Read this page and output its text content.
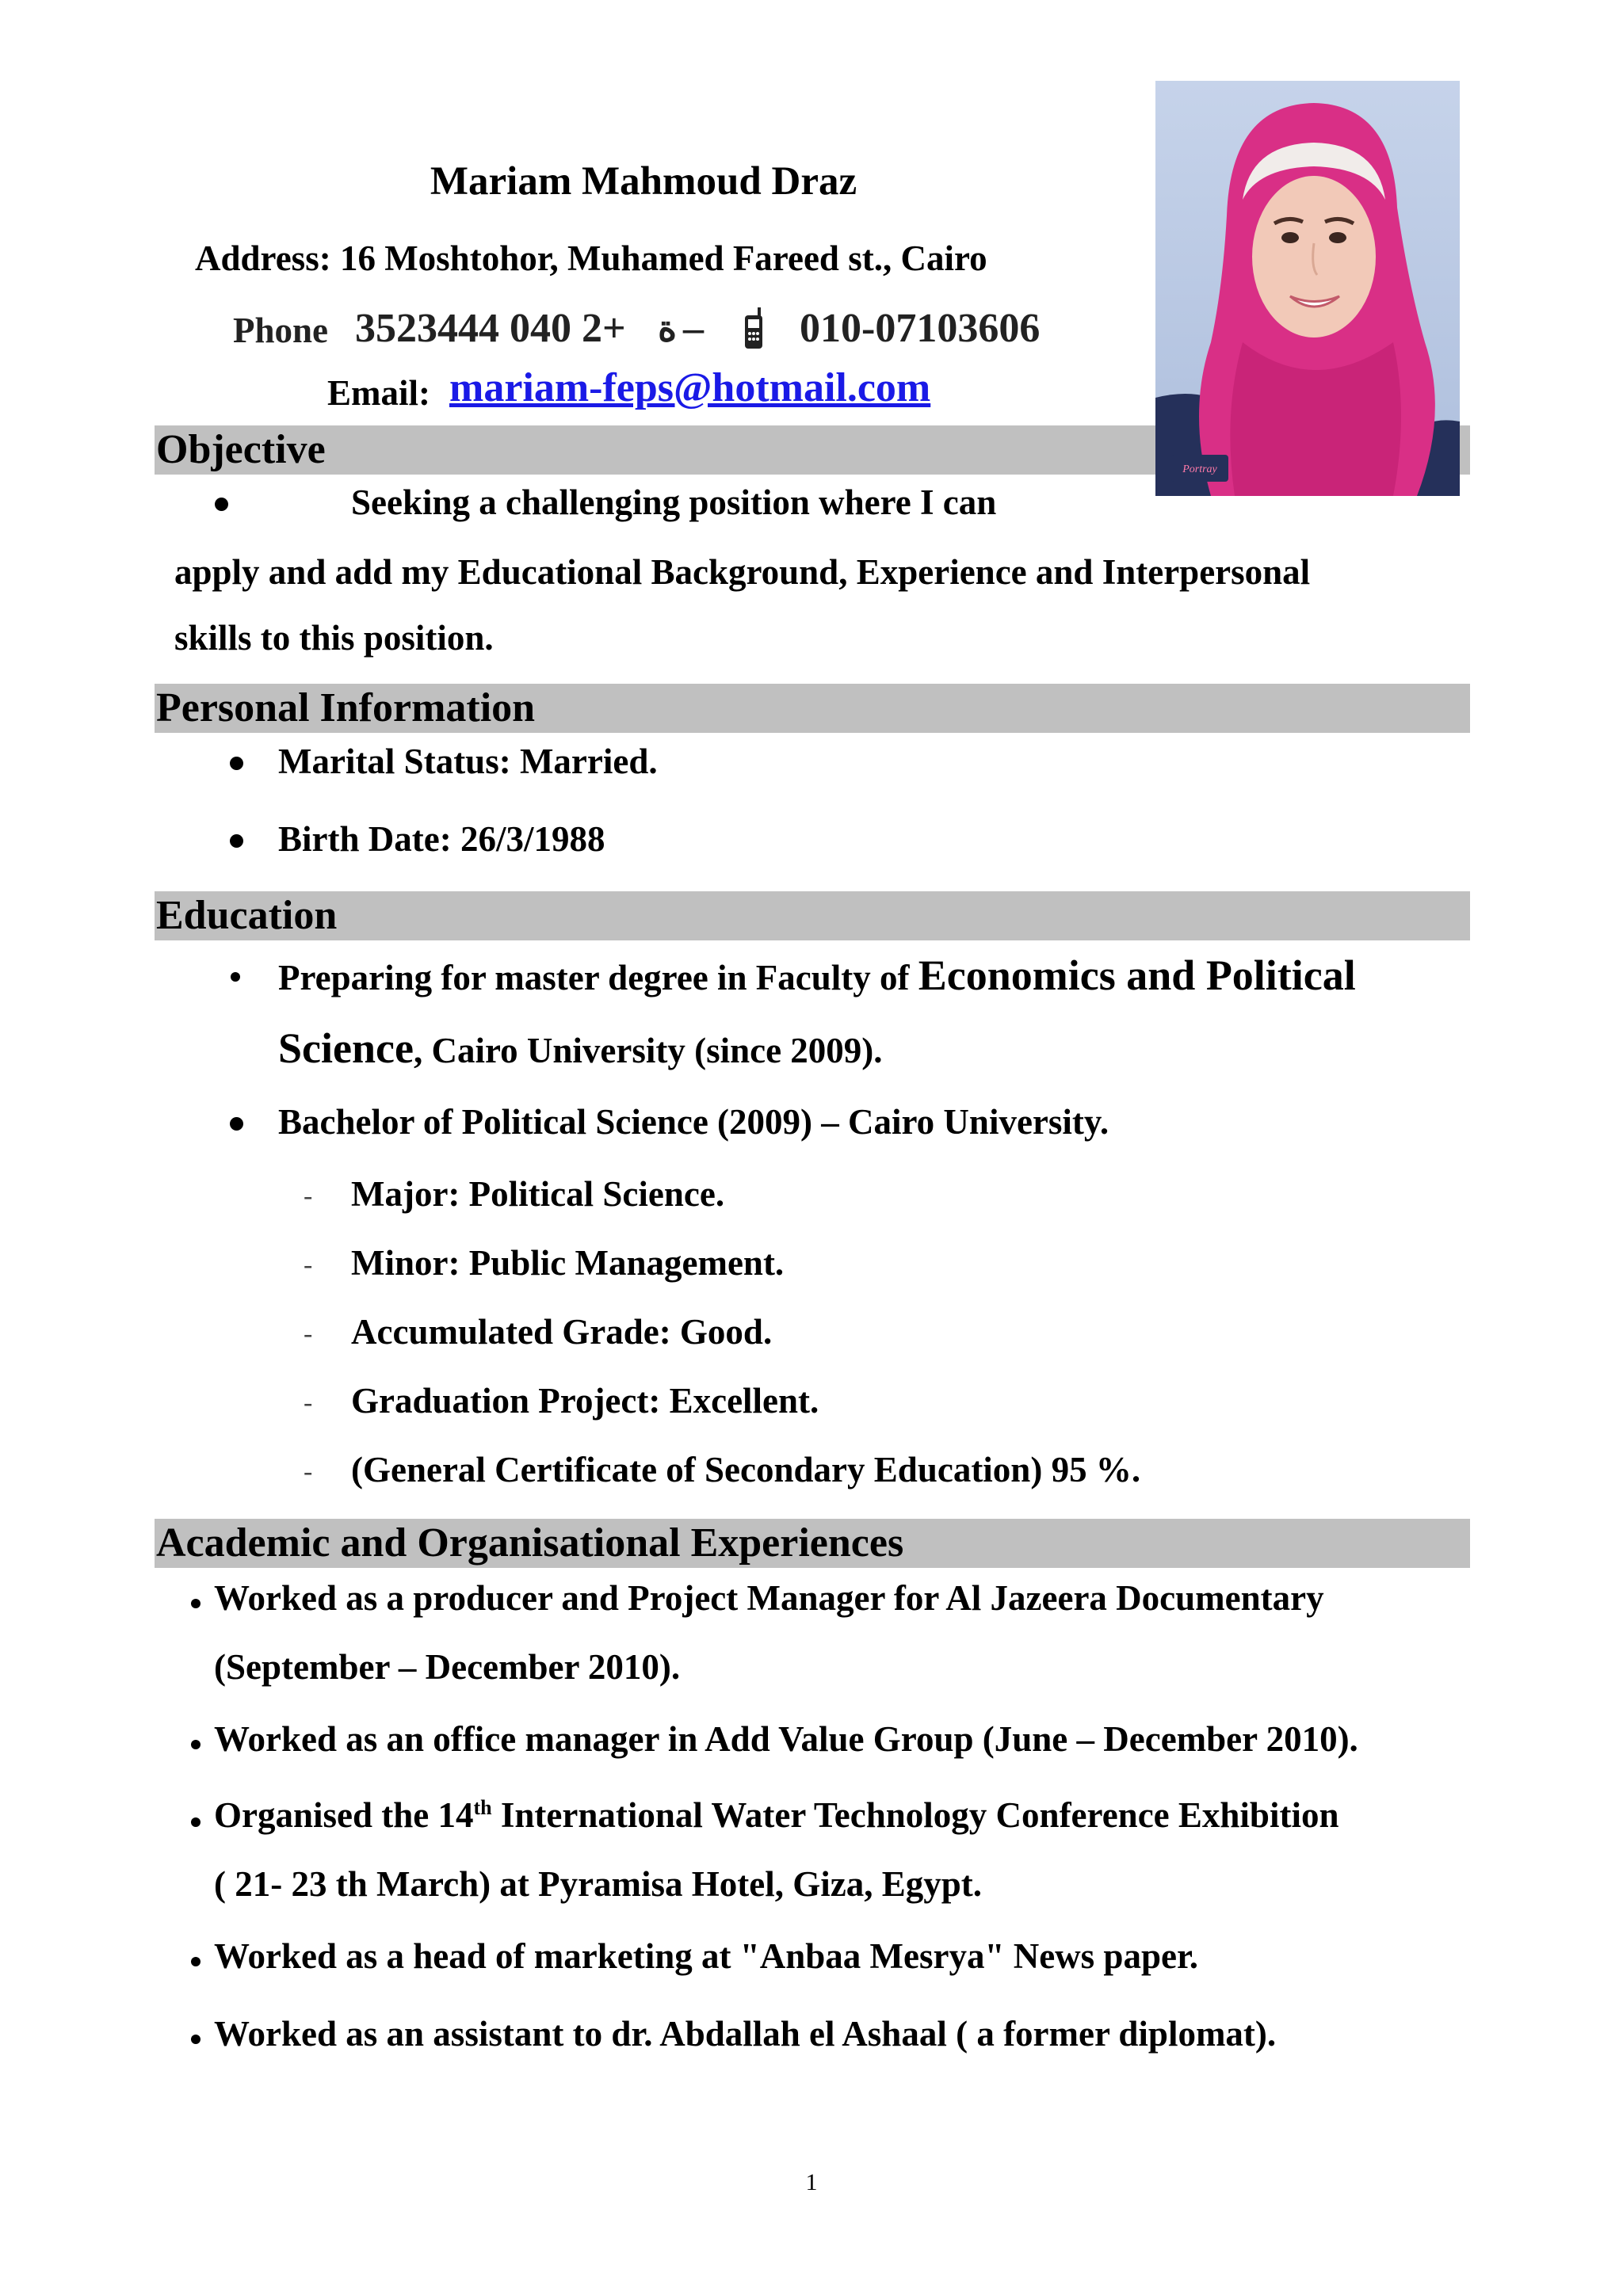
Mariam Mahmoud Draz
Address: 16 Moshtohor, Muhamed Fareed st., Cairo
Phone 3523444 040 2+ ة – 010-07103606
Email: mariam-feps@hotmail.com
Objective	Portray
Seeking a challenging position where I can
apply and add my Educational Background, Experience and Interpersonal
skills to this position.
Personal Information
Marital Status: Married.
Birth Date: 26/3/1988
Education
Preparing for master degree in Faculty of Economics and Political
Science, Cairo University (since 2009).
Bachelor of Political Science (2009) – Cairo University.
- Major: Political Science.
- Minor: Public Management.
- Accumulated Grade: Good.
- Graduation Project: Excellent.
- (General Certificate of Secondary Education) 95 %.
Academic and Organisational Experiences
Worked as a producer and Project Manager for Al Jazeera Documentary
(September – December 2010).
Worked as an office manager in Add Value Group (June – December 2010).
Organised the 14th International Water Technology Conference Exhibition
( 21- 23 th March) at Pyramisa Hotel, Giza, Egypt.
Worked as a head of marketing at "Anbaa Mesrya" News paper.
Worked as an assistant to dr. Abdallah el Ashaal ( a former diplomat).
1
